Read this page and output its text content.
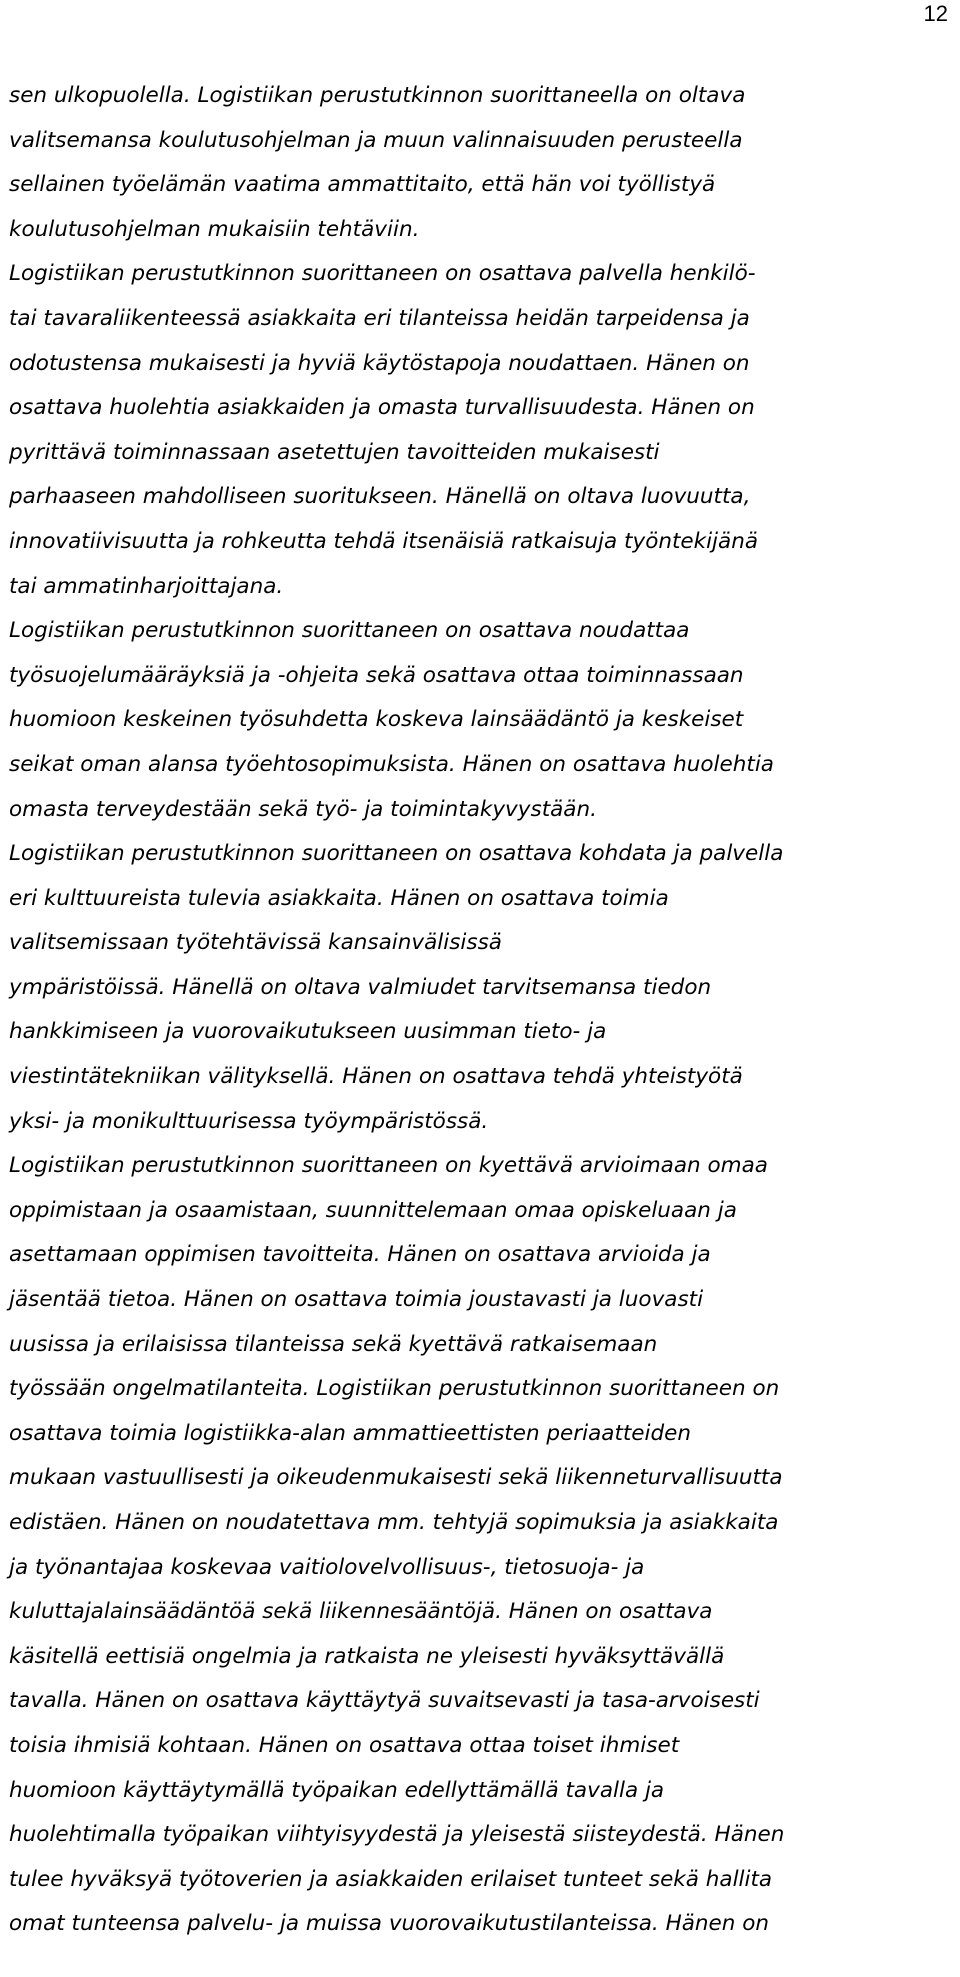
12
sen ulkopuolella. Logistiikan perustutkinnon suorittaneella on oltava
valitsemansa koulutusohjelman ja muun valinnaisuuden perusteella
sellainen työelämän vaatima ammattitaito, että hän voi työllistyä
koulutusohjelman mukaisiin tehtäviin.
Logistiikan perustutkinnon suorittaneen on osattava palvella henkilö-
tai tavaraliikenteessä asiakkaita eri tilanteissa heidän tarpeidensa ja
odotustensa mukaisesti ja hyviä käytöstapoja noudattaen. Hänen on
osattava huolehtia asiakkaiden ja omasta turvallisuudesta. Hänen on
pyrittävä toiminnassaan asetettujen tavoitteiden mukaisesti
parhaaseen mahdolliseen suoritukseen. Hänellä on oltava luovuutta,
innovatiivisuutta ja rohkeutta tehdä itsenäisiä ratkaisuja työntekijänä
tai ammatinharjoittajana.
Logistiikan perustutkinnon suorittaneen on osattava noudattaa
työsuojelumääräyksiä ja -ohjeita sekä osattava ottaa toiminnassaan
huomioon keskeinen työsuhdetta koskeva lainsäädäntö ja keskeiset
seikat oman alansa työehtosopimuksista. Hänen on osattava huolehtia
omasta terveydestään sekä työ- ja toimintakyvystään.
Logistiikan perustutkinnon suorittaneen on osattava kohdata ja palvella
eri kulttuureista tulevia asiakkaita. Hänen on osattava toimia
valitsemissaan työtehtävissä kansainvälisissä
ympäristöissä. Hänellä on oltava valmiudet tarvitsemansa tiedon
hankkimiseen ja vuorovaikutukseen uusimman tieto- ja
viestintätekniikan välityksellä. Hänen on osattava tehdä yhteistyötä
yksi- ja monikulttuurisessa työympäristössä.
Logistiikan perustutkinnon suorittaneen on kyettävä arvioimaan omaa
oppimistaan ja osaamistaan, suunnittelemaan omaa opiskeluaan ja
asettamaan oppimisen tavoitteita. Hänen on osattava arvioida ja
jäsentää tietoa. Hänen on osattava toimia joustavasti ja luovasti
uusissa ja erilaisissa tilanteissa sekä kyettävä ratkaisemaan
työssään ongelmatilanteita. Logistiikan perustutkinnon suorittaneen on
osattava toimia logistiikka-alan ammattieettisten periaatteiden
mukaan vastuullisesti ja oikeudenmukaisesti sekä liikenneturvallisuutta
edistäen. Hänen on noudatettava mm. tehtyjä sopimuksia ja asiakkaita
ja työnantajaa koskevaa vaitiolovelvollisuus-, tietosuoja- ja
kuluttajalainsäädäntöä sekä liikennesääntöjä. Hänen on osattava
käsitellä eettisiä ongelmia ja ratkaista ne yleisesti hyväksyttävällä
tavalla. Hänen on osattava käyttäytyä suvaitsevasti ja tasa-arvoisesti
toisia ihmisiä kohtaan. Hänen on osattava ottaa toiset ihmiset
huomioon käyttäytymällä työpaikan edellyttämällä tavalla ja
huolehtimalla työpaikan viihtyisyydestä ja yleisestä siisteydestä. Hänen
tulee hyväksyä työtoverien ja asiakkaiden erilaiset tunteet sekä hallita
omat tunteensa palvelu- ja muissa vuorovaikutustilanteissa. Hänen on
